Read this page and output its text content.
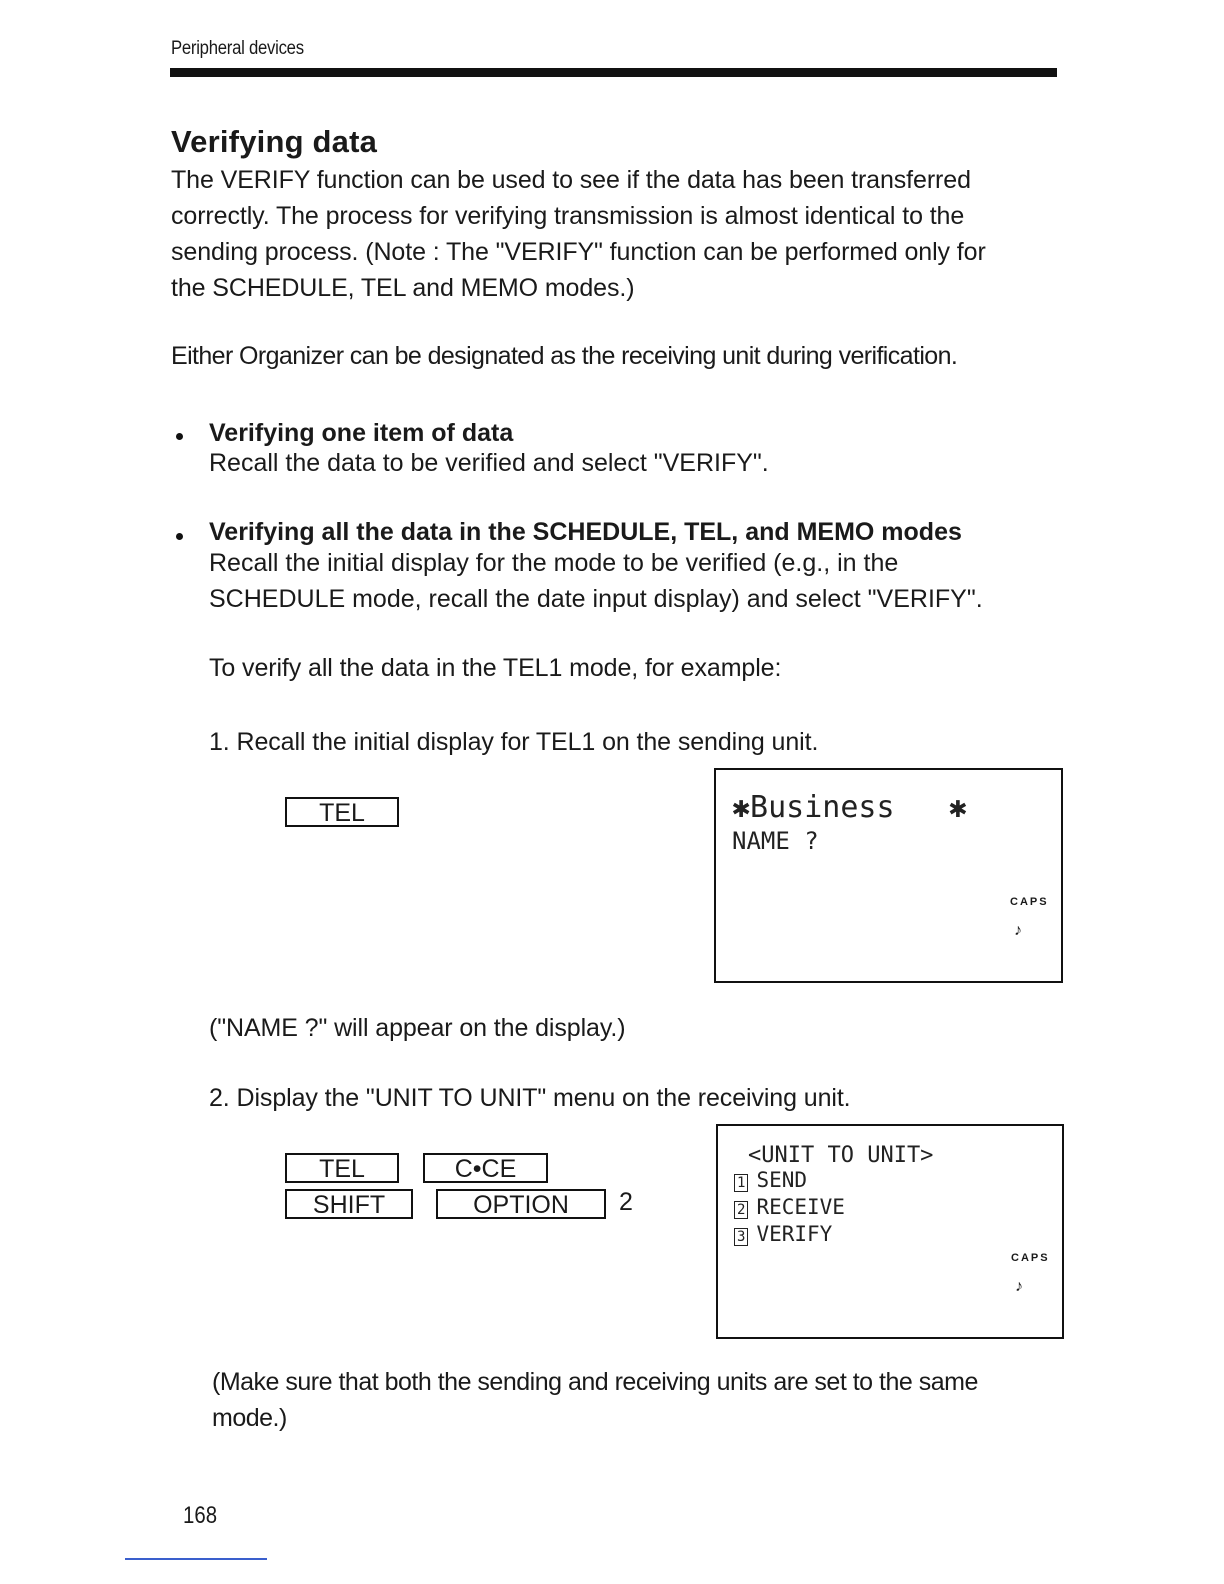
Peripheral devices
Verifying data
The VERIFY function can be used to see if the data has been transferred
correctly. The process for verifying transmission is almost identical to the
sending process. (Note : The "VERIFY" function can be performed only for
the SCHEDULE, TEL and MEMO modes.)
Either Organizer can be designated as the receiving unit during verification.
Verifying one item of data
Recall the data to be verified and select "VERIFY".
Verifying all the data in the SCHEDULE, TEL, and MEMO modes
Recall the initial display for the mode to be verified (e.g., in the
SCHEDULE mode, recall the date input display) and select "VERIFY".
To verify all the data in the TEL1 mode, for example:
1. Recall the initial display for TEL1 on the sending unit.
TEL	✱Business   ✱
NAME ?
CAPS
♪
("NAME ?" will appear on the display.)
2. Display the "UNIT TO UNIT" menu on the receiving unit.
TEL	C•CE
SHIFT	OPTION	2
<UNIT TO UNIT>
1 SEND
2 RECEIVE
3 VERIFY
CAPS
♪
(Make sure that both the sending and receiving units are set to the same
mode.)
168
